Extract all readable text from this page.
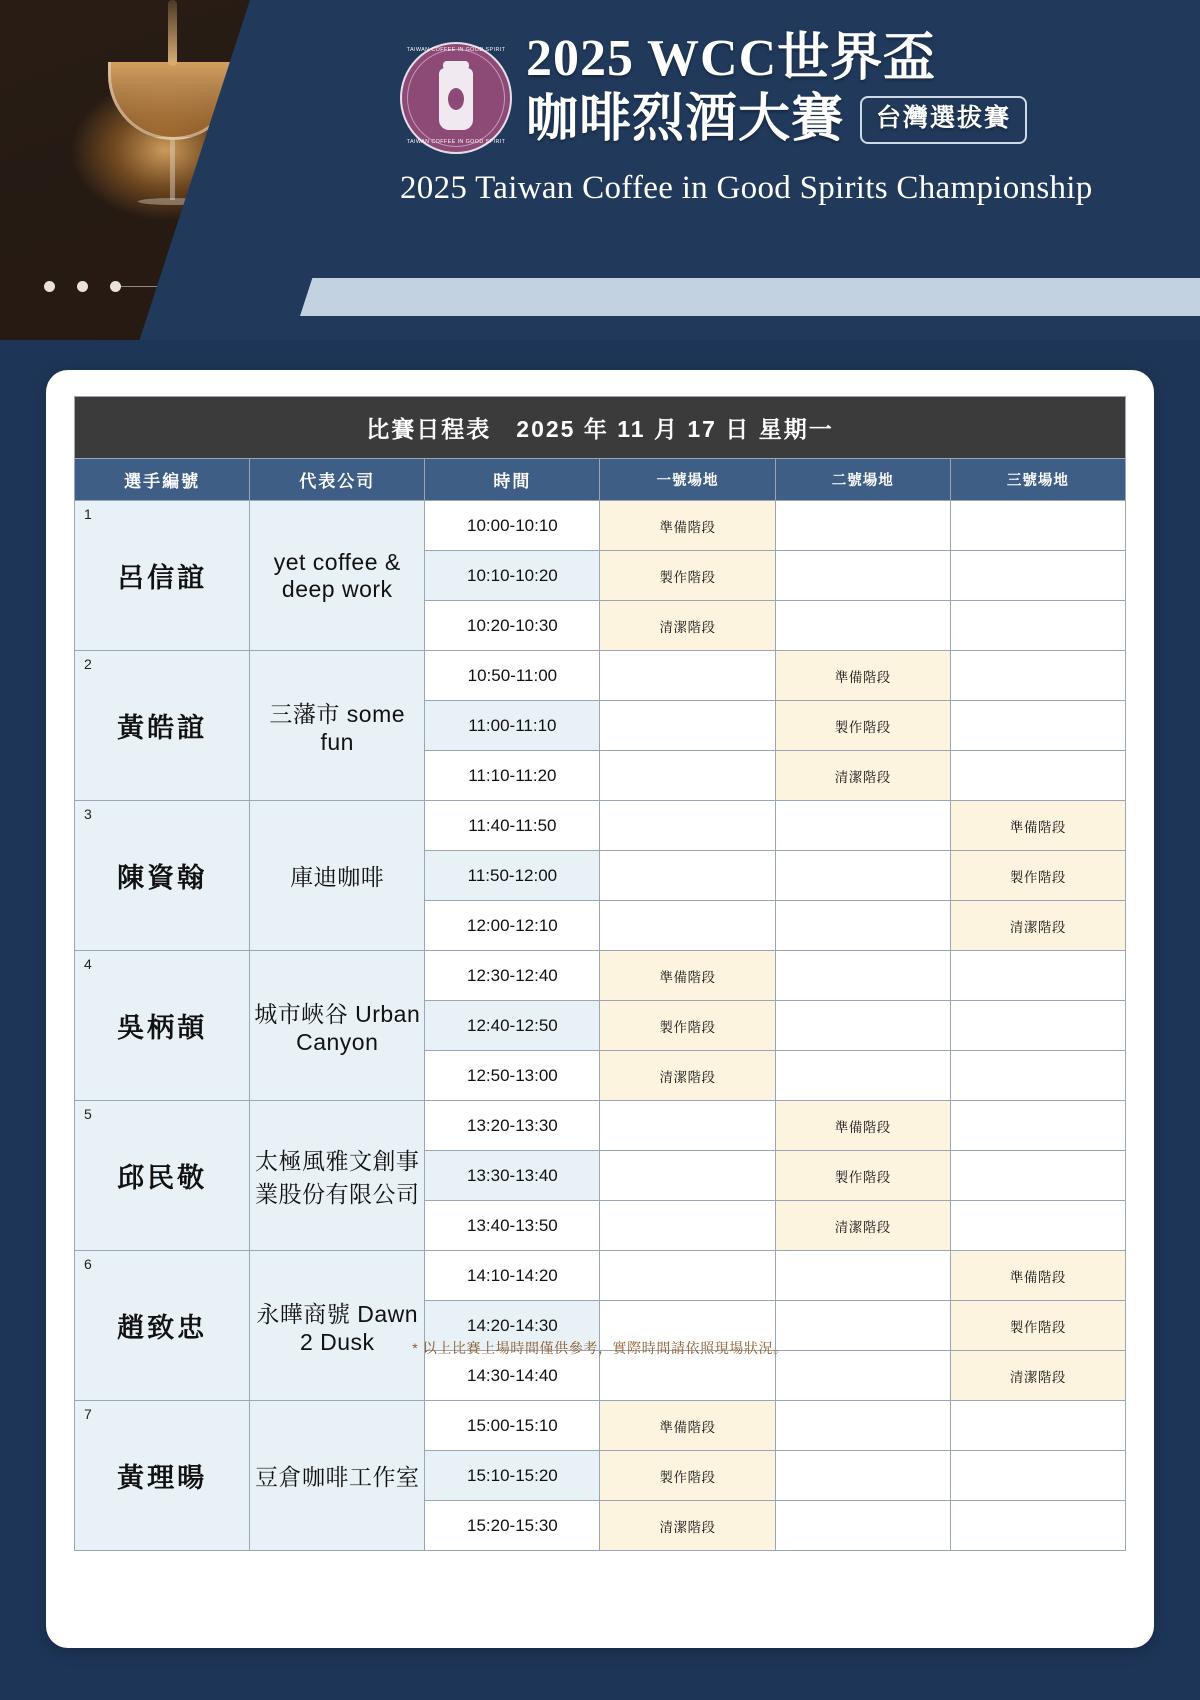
TAIWAN COFFEE IN GOOD SPIRIT
TAIWAN COFFEE IN GOOD SPIRIT
2025 WCC世界盃
咖啡烈酒大賽	台灣選拔賽
2025 Taiwan Coffee in Good Spirits Championship
比賽日程表　2025 年 11 月 17 日 星期一					
選手編號	代表公司	時間	一號場地	二號場地	三號場地

1
呂信誼	yet coffee & deep work	10:00-10:10	準備階段		
		10:10-10:20	製作階段		
		10:20-10:30	清潔階段		

2
黃皓誼	三藩市 some fun	10:50-11:00		準備階段	
		11:00-11:10		製作階段	
		11:10-11:20		清潔階段	

3
陳資翰	庫迪咖啡	11:40-11:50			準備階段
		11:50-12:00			製作階段
		12:00-12:10			清潔階段

4
吳柄頡	城市峽谷 Urban Canyon	12:30-12:40	準備階段		
		12:40-12:50	製作階段		
		12:50-13:00	清潔階段		

5
邱民敬	太極風雅文創事業股份有限公司	13:20-13:30		準備階段	
		13:30-13:40		製作階段	
		13:40-13:50		清潔階段	

6
趙致忠	永曄商號 Dawn 2 Dusk	14:10-14:20			準備階段
		14:20-14:30			製作階段
		14:30-14:40			清潔階段

7
黃理暘	豆倉咖啡工作室	15:00-15:10	準備階段		
		15:10-15:20	製作階段		
		15:20-15:30	清潔階段		
* 以上比賽上場時間僅供參考，實際時間請依照現場狀況。
